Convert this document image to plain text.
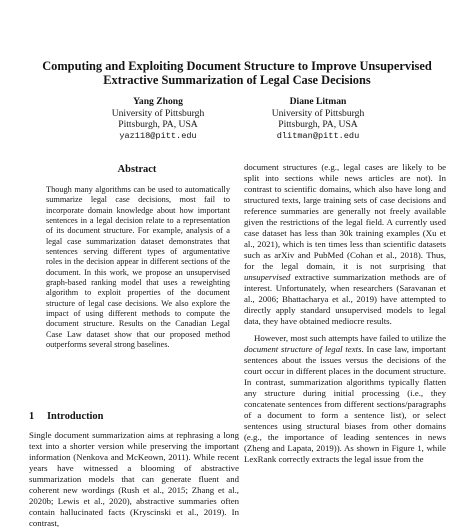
Computing and Exploiting Document Structure to Improve Unsupervised Extractive Summarization of Legal Case Decisions
Yang Zhong
University of Pittsburgh
Pittsburgh, PA, USA
yaz118@pitt.edu
Diane Litman
University of Pittsburgh
Pittsburgh, PA, USA
dlitman@pitt.edu
Abstract

Though many algorithms can be used to automatically summarize legal case decisions, most fail to incorporate domain knowledge about how important sentences in a legal decision relate to a representation of its document structure. For example, analysis of a legal case summarization dataset demonstrates that sentences serving different types of argumentative roles in the decision appear in different sections of the document. In this work, we propose an unsupervised graph-based ranking model that uses a reweighting algorithm to exploit properties of the document structure of legal case decisions. We also explore the impact of using different methods to compute the document structure. Results on the Canadian Legal Case Law dataset show that our proposed method outperforms several strong baselines.

1 Introduction

Single document summarization aims at rephrasing a long text into a shorter version while preserving the important information (Nenkova and McKeown, 2011). While recent years have witnessed a blooming of abstractive summarization models that can generate fluent and coherent new wordings (Rush et al., 2015; Zhang et al., 2020b; Lewis et al., 2020), abstractive summaries often contain hallucinated facts (Kryscinski et al., 2019). In contrast,

document structures (e.g., legal cases are likely to be split into sections while news articles are not). In contrast to scientific domains, which also have long and structured texts, large training sets of case decisions and reference summaries are generally not freely available given the restrictions of the legal field. A currently used case dataset has less than 30k training examples (Xu et al., 2021), which is ten times less than scientific datasets such as arXiv and PubMed (Cohan et al., 2018). Thus, for the legal domain, it is not surprising that unsupervised extractive summarization methods are of interest. Unfortunately, when researchers (Saravanan et al., 2006; Bhattacharya et al., 2019) have attempted to directly apply standard unsupervised models to legal data, they have obtained mediocre results.

However, most such attempts have failed to utilize the document structure of legal texts. In case law, important sentences about the issues versus the decisions of the court occur in different places in the document structure. In contrast, summarization algorithms typically flatten any structure during initial processing (i.e., they concatenate sentences from different sections/paragraphs of a document to form a sentence list), or select sentences using structural biases from other domains (e.g., the importance of leading sentences in news (Zheng and Lapata, 2019)). As shown in Figure 1, while LexRank correctly extracts the legal issue from the
